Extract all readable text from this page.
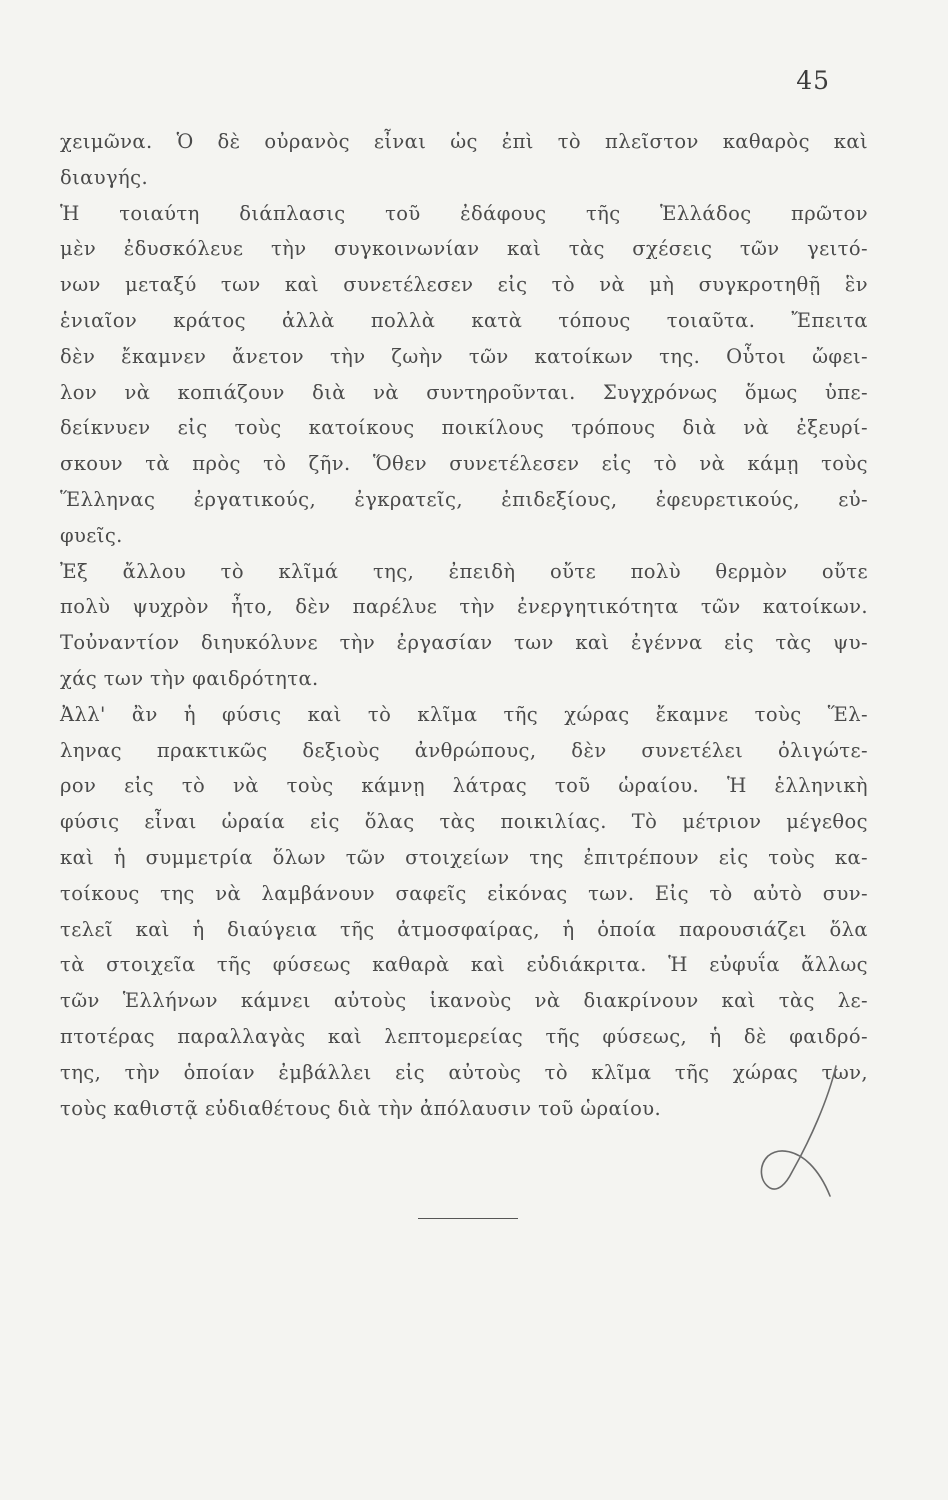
45
χειμῶνα. Ὁ δὲ οὐρανὸς εἶναι ὡς ἐπὶ τὸ πλεῖστον καθαρὸς καὶ
διαυγής.
Ἡ τοιαύτη διάπλασις τοῦ ἐδάφους τῆς Ἑλλάδος πρῶτον
μὲν ἐδυσκόλευε τὴν συγκοινωνίαν καὶ τὰς σχέσεις τῶν γειτό-
νων μεταξύ των καὶ συνετέλεσεν εἰς τὸ νὰ μὴ συγκροτηθῇ ἓν
ἑνιαῖον κράτος ἀλλὰ πολλὰ κατὰ τόπους τοιαῦτα. Ἔπειτα
δὲν ἔκαμνεν ἄνετον τὴν ζωὴν τῶν κατοίκων της. Οὗτοι ὤφει-
λον νὰ κοπιάζουν διὰ νὰ συντηροῦνται. Συγχρόνως ὅμως ὑπε-
δείκνυεν εἰς τοὺς κατοίκους ποικίλους τρόπους διὰ νὰ ἐξευρί-
σκουν τὰ πρὸς τὸ ζῆν. Ὅθεν συνετέλεσεν εἰς τὸ νὰ κάμῃ τοὺς
Ἕλληνας ἐργατικούς, ἐγκρατεῖς, ἐπιδεξίους, ἐφευρετικούς, εὐ-
φυεῖς.
Ἐξ ἄλλου τὸ κλῖμά της, ἐπειδὴ οὔτε πολὺ θερμὸν οὔτε
πολὺ ψυχρὸν ἦτο, δὲν παρέλυε τὴν ἐνεργητικότητα τῶν κατοίκων.
Τοὐναντίον διηυκόλυνε τὴν ἐργασίαν των καὶ ἐγέννα εἰς τὰς ψυ-
χάς των τὴν φαιδρότητα.
Ἀλλ' ἂν ἡ φύσις καὶ τὸ κλῖμα τῆς χώρας ἔκαμνε τοὺς Ἕλ-
ληνας πρακτικῶς δεξιοὺς ἀνθρώπους, δὲν συνετέλει ὀλιγώτε-
ρον εἰς τὸ νὰ τοὺς κάμνῃ λάτρας τοῦ ὡραίου. Ἡ ἑλληνικὴ
φύσις εἶναι ὡραία εἰς ὅλας τὰς ποικιλίας. Τὸ μέτριον μέγεθος
καὶ ἡ συμμετρία ὅλων τῶν στοιχείων της ἐπιτρέπουν εἰς τοὺς κα-
τοίκους της νὰ λαμβάνουν σαφεῖς εἰκόνας των. Εἰς τὸ αὐτὸ συν-
τελεῖ καὶ ἡ διαύγεια τῆς ἀτμοσφαίρας, ἡ ὁποία παρουσιάζει ὅλα
τὰ στοιχεῖα τῆς φύσεως καθαρὰ καὶ εὐδιάκριτα. Ἡ εὐφυΐα ἄλλως
τῶν Ἑλλήνων κάμνει αὐτοὺς ἱκανοὺς νὰ διακρίνουν καὶ τὰς λε-
πτοτέρας παραλλαγὰς καὶ λεπτομερείας τῆς φύσεως, ἡ δὲ φαιδρό-
της, τὴν ὁποίαν ἐμβάλλει εἰς αὐτοὺς τὸ κλῖμα τῆς χώρας των,
τοὺς καθιστᾷ εὐδιαθέτους διὰ τὴν ἀπόλαυσιν τοῦ ὡραίου.
